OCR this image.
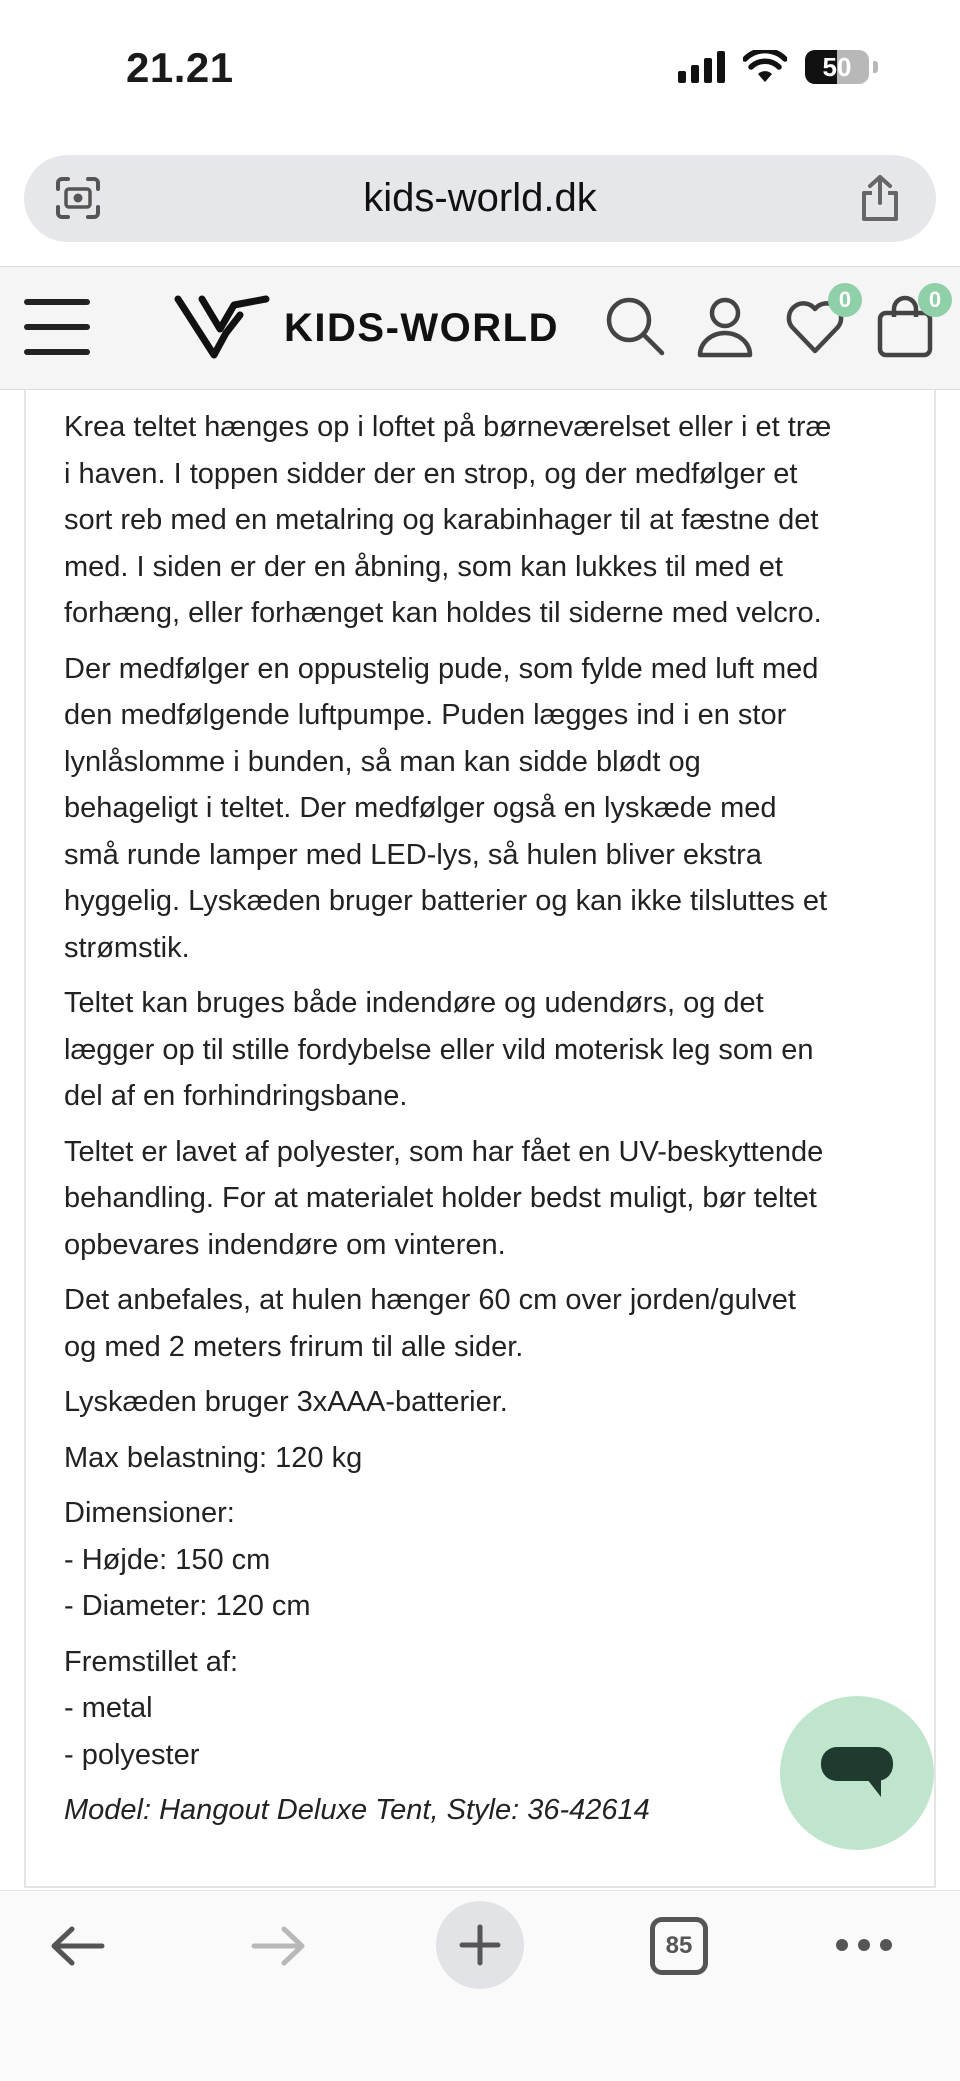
21.21	50
kids-world.dk
KIDS-WORLD
0	0

Krea teltet hænges op i loftet på børneværelset eller i et træ
i haven. I toppen sidder der en strop, og der medfølger et
sort reb med en metalring og karabinhager til at fæstne det
med. I siden er der en åbning, som kan lukkes til med et
forhæng, eller forhænget kan holdes til siderne med velcro.

Der medfølger en oppustelig pude, som fylde med luft med
den medfølgende luftpumpe. Puden lægges ind i en stor
lynlåslomme i bunden, så man kan sidde blødt og
behageligt i teltet. Der medfølger også en lyskæde med
små runde lamper med LED-lys, så hulen bliver ekstra
hyggelig. Lyskæden bruger batterier og kan ikke tilsluttes et
strømstik.

Teltet kan bruges både indendøre og udendørs, og det
lægger op til stille fordybelse eller vild moterisk leg som en
del af en forhindringsbane.

Teltet er lavet af polyester, som har fået en UV-beskyttende
behandling. For at materialet holder bedst muligt, bør teltet
opbevares indendøre om vinteren.

Det anbefales, at hulen hænger 60 cm over jorden/gulvet
og med 2 meters frirum til alle sider.

Lyskæden bruger 3xAAA-batterier.

Max belastning: 120 kg

Dimensioner:
- Højde: 150 cm
- Diameter: 120 cm

Fremstillet af:
- metal
- polyester

Model: Hangout Deluxe Tent, Style: 36-42614

85
